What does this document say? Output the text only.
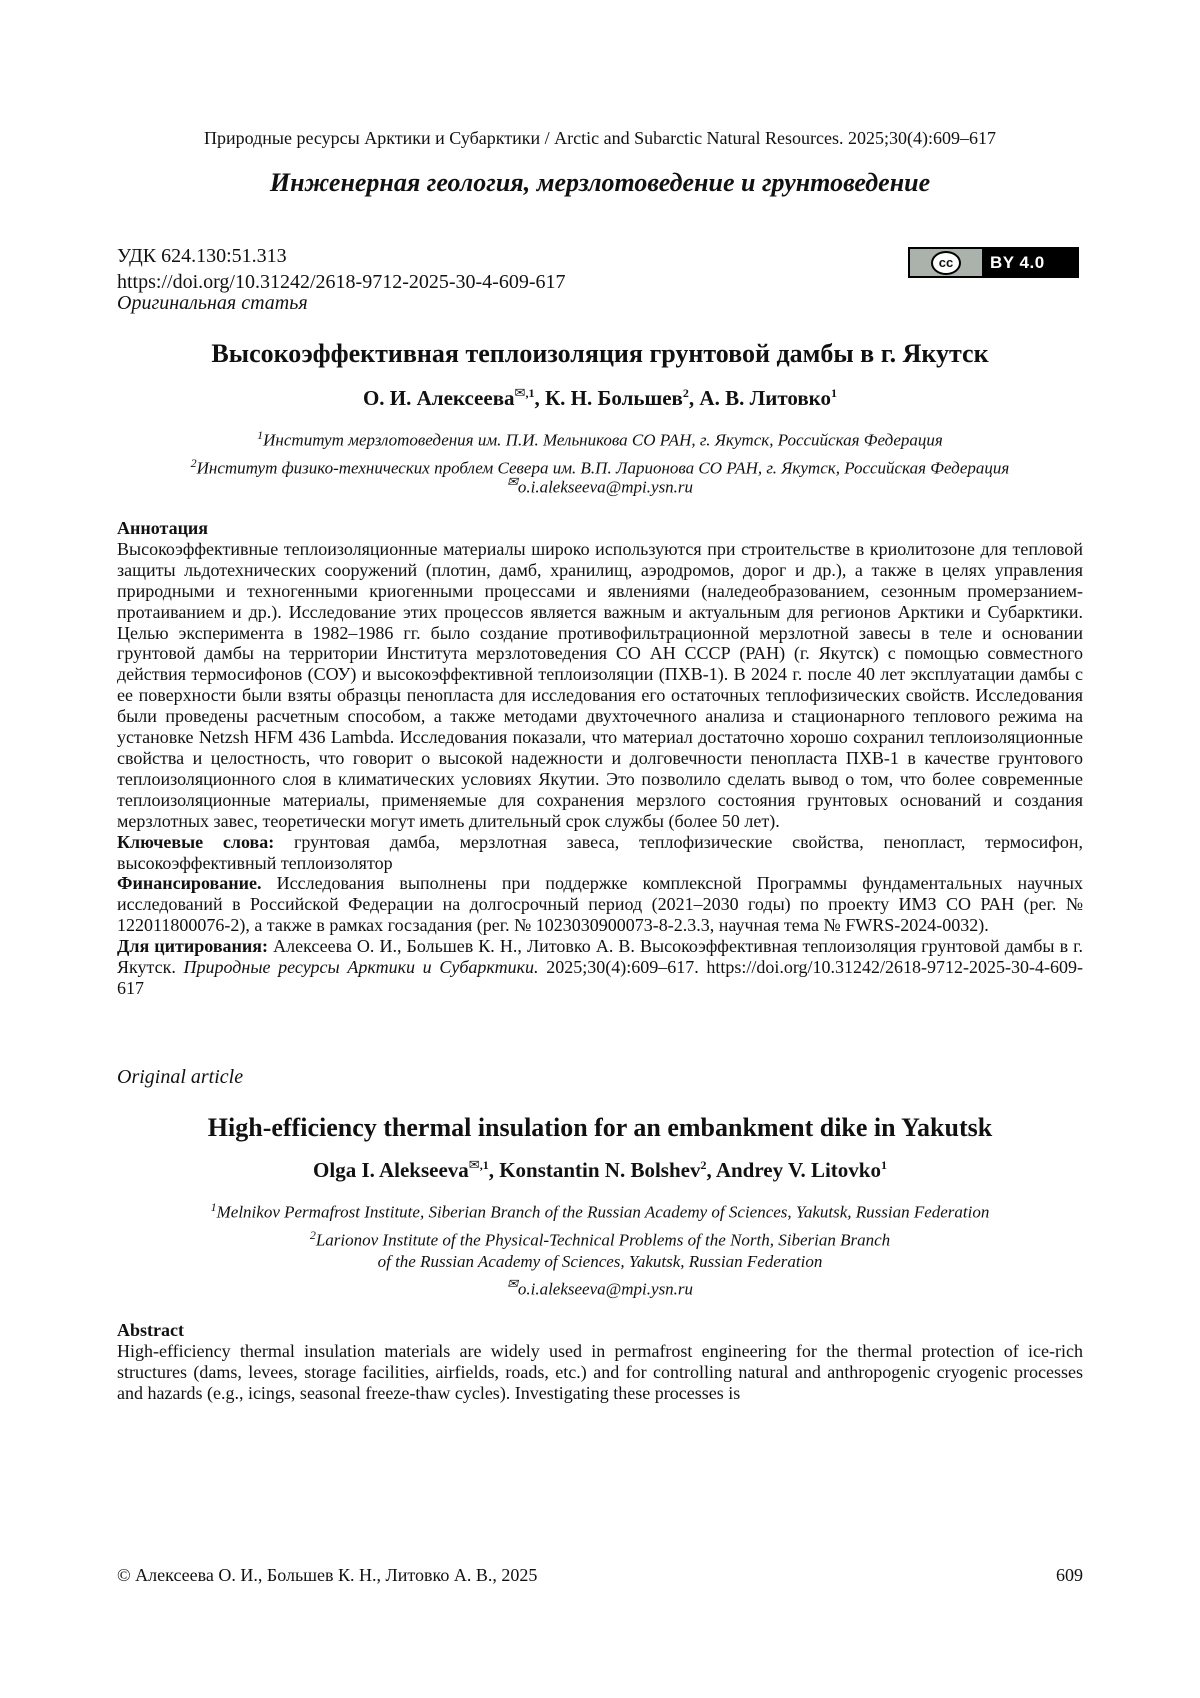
Природные ресурсы Арктики и Субарктики / Arctic and Subarctic Natural Resources. 2025;30(4):609–617
Инженерная геология, мерзлотоведение и грунтоведение
УДК 624.130:51.313
https://doi.org/10.31242/2618-9712-2025-30-4-609-617
cc	BY 4.0
Оригинальная статья
Высокоэффективная теплоизоляция грунтовой дамбы в г. Якутск
О. И. Алексеева$^{✉,1}$, К. Н. Большев$^2$, А. В. Литовко$^1$
$^1$Институт мерзлотоведения им. П.И. Мельникова СО РАН, г. Якутск, Российская Федерация
$^2$Институт физико-технических проблем Севера им. В.П. Ларионова СО РАН, г. Якутск, Российская Федерация
✉o.i.alekseeva@mpi.ysn.ru
Аннотация

Высокоэффективные теплоизоляционные материалы широко используются при строительстве в криолитозоне для тепловой защиты льдотехнических сооружений (плотин, дамб, хранилищ, аэродромов, дорог и др.), а также в целях управления природными и техногенными криогенными процессами и явлениями (наледеобразованием, сезонным промерзанием-протаиванием и др.). Исследование этих процессов является важным и актуальным для регионов Арктики и Субарктики. Целью эксперимента в 1982–1986 гг. было создание противофильтрационной мерзлотной завесы в теле и основании грунтовой дамбы на территории Института мерзлотоведения СО АН СССР (РАН) (г. Якутск) с помощью совместного действия термосифонов (СОУ) и высокоэффективной теплоизоляции (ПХВ-1). В 2024 г. после 40 лет эксплуатации дамбы с ее поверхности были взяты образцы пенопласта для исследования его остаточных теплофизических свойств. Исследования были проведены расчетным способом, а также методами двухточечного анализа и стационарного теплового режима на установке Netzsh HFM 436 Lambda. Исследования показали, что материал достаточно хорошо сохранил теплоизоляционные свойства и целостность, что говорит о высокой надежности и долговечности пенопласта ПХВ-1 в качестве грунтового теплоизоляционного слоя в климатических условиях Якутии. Это позволило сделать вывод о том, что более современные теплоизоляционные материалы, применяемые для сохранения мерзлого состояния грунтовых оснований и создания мерзлотных завес, теоретически могут иметь длительный срок службы (более 50 лет).

Ключевые слова: грунтовая дамба, мерзлотная завеса, теплофизические свойства, пенопласт, термосифон, высокоэффективный теплоизолятор

Финансирование. Исследования выполнены при поддержке комплексной Программы фундаментальных научных исследований в Российской Федерации на долгосрочный период (2021–2030 годы) по проекту ИМЗ СО РАН (рег. № 122011800076-2), а также в рамках госзадания (рег. № 1023030900073-8-2.3.3, научная тема № FWRS-2024-0032).

Для цитирования: Алексеева О. И., Большев К. Н., Литовко А. В. Высокоэффективная теплоизоляция грунтовой дамбы в г. Якутск. Природные ресурсы Арктики и Субарктики. 2025;30(4):609–617. https://doi.org/10.31242/2618-9712-2025-30-4-609-617

Original article
High-efficiency thermal insulation for an embankment dike in Yakutsk
Olga I. Alekseeva$^{✉,1}$, Konstantin N. Bolshev$^2$, Andrey V. Litovko$^1$
$^1$Melnikov Permafrost Institute, Siberian Branch of the Russian Academy of Sciences, Yakutsk, Russian Federation
$^2$Larionov Institute of the Physical-Technical Problems of the North, Siberian Branch
of the Russian Academy of Sciences, Yakutsk, Russian Federation
✉o.i.alekseeva@mpi.ysn.ru
Abstract

High-efficiency thermal insulation materials are widely used in permafrost engineering for the thermal protection of ice-rich structures (dams, levees, storage facilities, airfields, roads, etc.) and for controlling natural and anthropogenic cryogenic processes and hazards (e.g., icings, seasonal freeze-thaw cycles). Investigating these processes is

© Алексеева О. И., Большев К. Н., Литовко А. В., 2025	609
